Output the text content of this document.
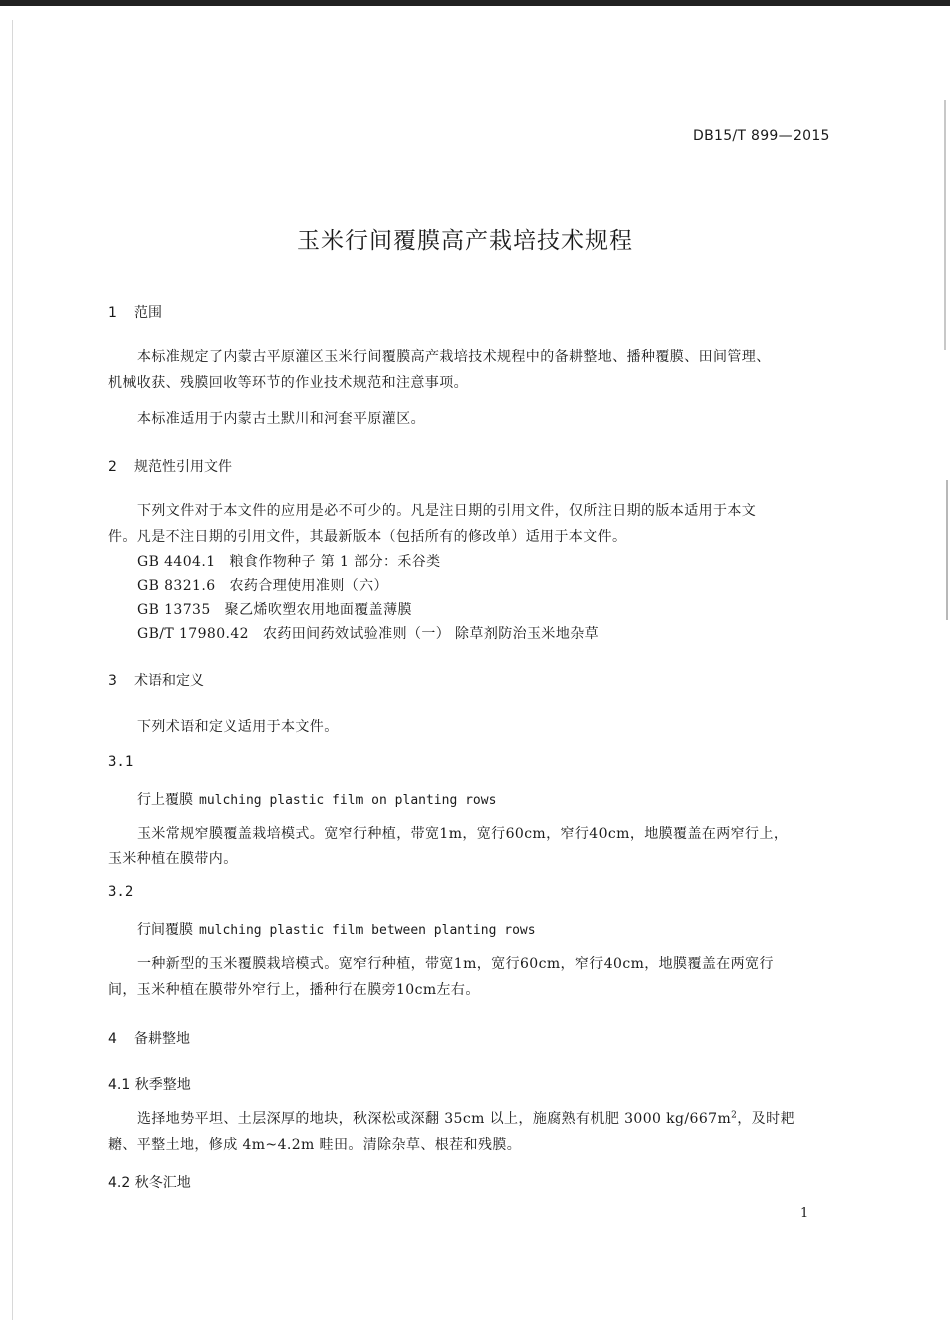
DB15/T 899—2015
玉米行间覆膜高产栽培技术规程
1 范围
本标准规定了内蒙古平原灌区玉米行间覆膜高产栽培技术规程中的备耕整地、播种覆膜、田间管理、
机械收获、残膜回收等环节的作业技术规范和注意事项。
本标准适用于内蒙古土默川和河套平原灌区。
2 规范性引用文件
下列文件对于本文件的应用是必不可少的。凡是注日期的引用文件，仅所注日期的版本适用于本文
件。凡是不注日期的引用文件，其最新版本（包括所有的修改单）适用于本文件。
GB 4404.1 粮食作物种子 第 1 部分：禾谷类
GB 8321.6 农药合理使用准则（六）
GB 13735 聚乙烯吹塑农用地面覆盖薄膜
GB/T 17980.42 农药田间药效试验准则（一） 除草剂防治玉米地杂草
3 术语和定义
下列术语和定义适用于本文件。
3.1
行上覆膜 mulching plastic film on planting rows
玉米常规窄膜覆盖栽培模式。宽窄行种植，带宽1m，宽行60cm，窄行40cm，地膜覆盖在两窄行上，
玉米种植在膜带内。
3.2
行间覆膜 mulching plastic film between planting rows
一种新型的玉米覆膜栽培模式。宽窄行种植，带宽1m，宽行60cm，窄行40cm，地膜覆盖在两宽行
间，玉米种植在膜带外窄行上，播种行在膜旁10cm左右。
4 备耕整地
4.1 秋季整地
选择地势平坦、土层深厚的地块，秋深松或深翻 35cm 以上，施腐熟有机肥 3000 $kg/667m^2$，及时耙
耱、平整土地，修成 4m~4.2m 畦田。清除杂草、根茬和残膜。
4.2 秋冬汇地
1
